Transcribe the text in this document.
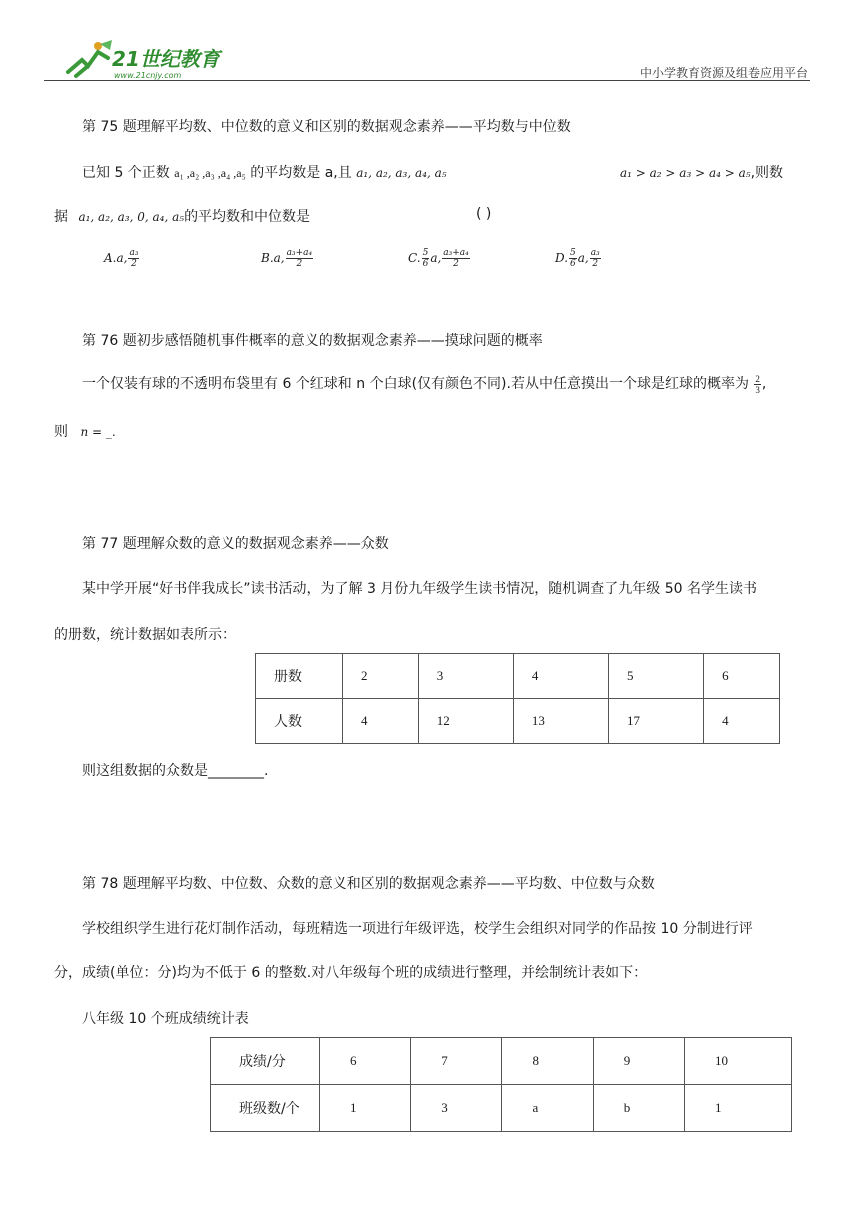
21世纪教育
www.21cnjy.com	中小学教育资源及组卷应用平台
第 75 题理解平均数、中位数的意义和区别的数据观念素养——平均数与中位数
已知 5 个正数 a₁ ,a₂ ,a₃ ,a₄ ,a₅ 的平均数是 a,且 a₁, a₂, a₃, a₄, a₅	a₁ > a₂ > a₃ > a₄ > a₅,则数
据 a₁, a₂, a₃, 0, a₄, a₅的平均数和中位数是	( )
A.a, $\frac{\text{a₃}}{2}$	B.a, $\frac{\text{a₃+a₄}}{2}$	C. $\frac{5}{6} a$, $\frac{\text{a₃+a₄}}{2}$	D. $\frac{5}{6} a$, $\frac{\text{a₃}}{2}$
第 76 题初步感悟随机事件概率的意义的数据观念素养——摸球问题的概率
一个仅装有球的不透明布袋里有 6 个红球和 n 个白球(仅有颜色不同).若从中任意摸出一个球是红球的概率为 $\frac{2}{3}$ ,
则 n = _.
第 77 题理解众数的意义的数据观念素养——众数
某中学开展“好书伴我成长”读书活动，为了解 3 月份九年级学生读书情况，随机调查了九年级 50 名学生读书
的册数，统计数据如表所示：
册数	2	3	4	5	6
人数	4	12	13	17	4
则这组数据的众数是________.
第 78 题理解平均数、中位数、众数的意义和区别的数据观念素养——平均数、中位数与众数
学校组织学生进行花灯制作活动，每班精选一项进行年级评选，校学生会组织对同学的作品按 10 分制进行评
分，成绩(单位：分)均为不低于 6 的整数.对八年级每个班的成绩进行整理，并绘制统计表如下：
八年级 10 个班成绩统计表
成绩/分	6	7	8	9	10
班级数/个	1	3	a	b	1
